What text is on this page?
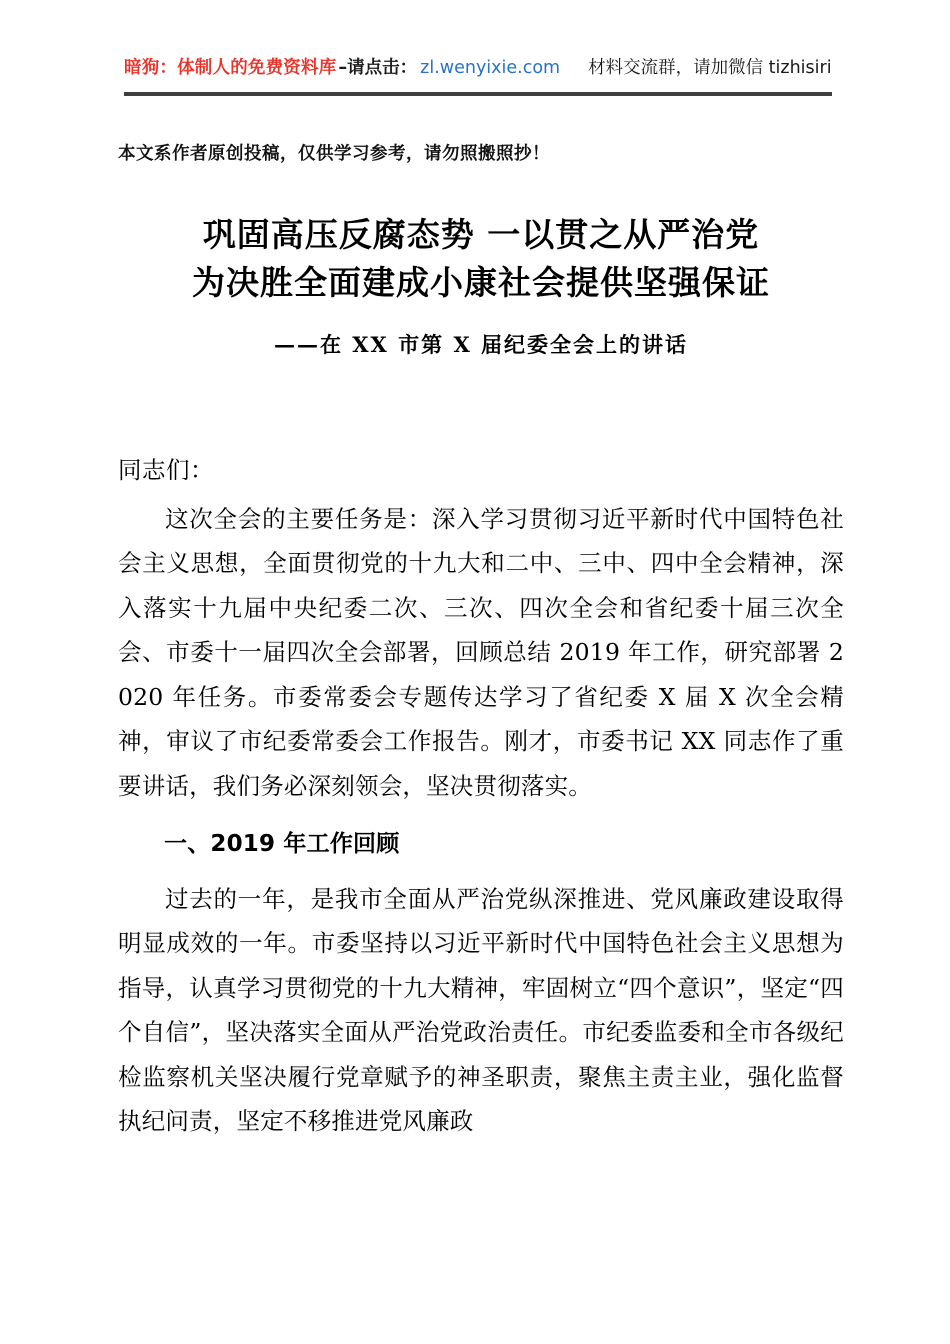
暗狗：体制人的免费资料库 –请点击： zl.wenyixie.com 材料交流群，请加微信 tizhisiri
本文系作者原创投稿，仅供学习参考，请勿照搬照抄！
巩固高压反腐态势 一以贯之从严治党
为决胜全面建成小康社会提供坚强保证
——在 XX 市第 X 届纪委全会上的讲话
同志们：

这次全会的主要任务是：深入学习贯彻习近平新时代中国特色社会主义思想，全面贯彻党的十九大和二中、三中、四中全会精神，深入落实十九届中央纪委二次、三次、四次全会和省纪委十届三次全会、市委十一届四次全会部署，回顾总结 2019 年工作，研究部署 2020 年任务。市委常委会专题传达学习了省纪委 X 届 X 次全会精神，审议了市纪委常委会工作报告。刚才，市委书记 XX 同志作了重要讲话，我们务必深刻领会，坚决贯彻落实。

一、2019 年工作回顾

过去的一年，是我市全面从严治党纵深推进、党风廉政建设取得明显成效的一年。市委坚持以习近平新时代中国特色社会主义思想为指导，认真学习贯彻党的十九大精神，牢固树立“四个意识”，坚定“四个自信”，坚决落实全面从严治党政治责任。市纪委监委和全市各级纪检监察机关坚决履行党章赋予的神圣职责，聚焦主责主业，强化监督执纪问责，坚定不移推进党风廉政
